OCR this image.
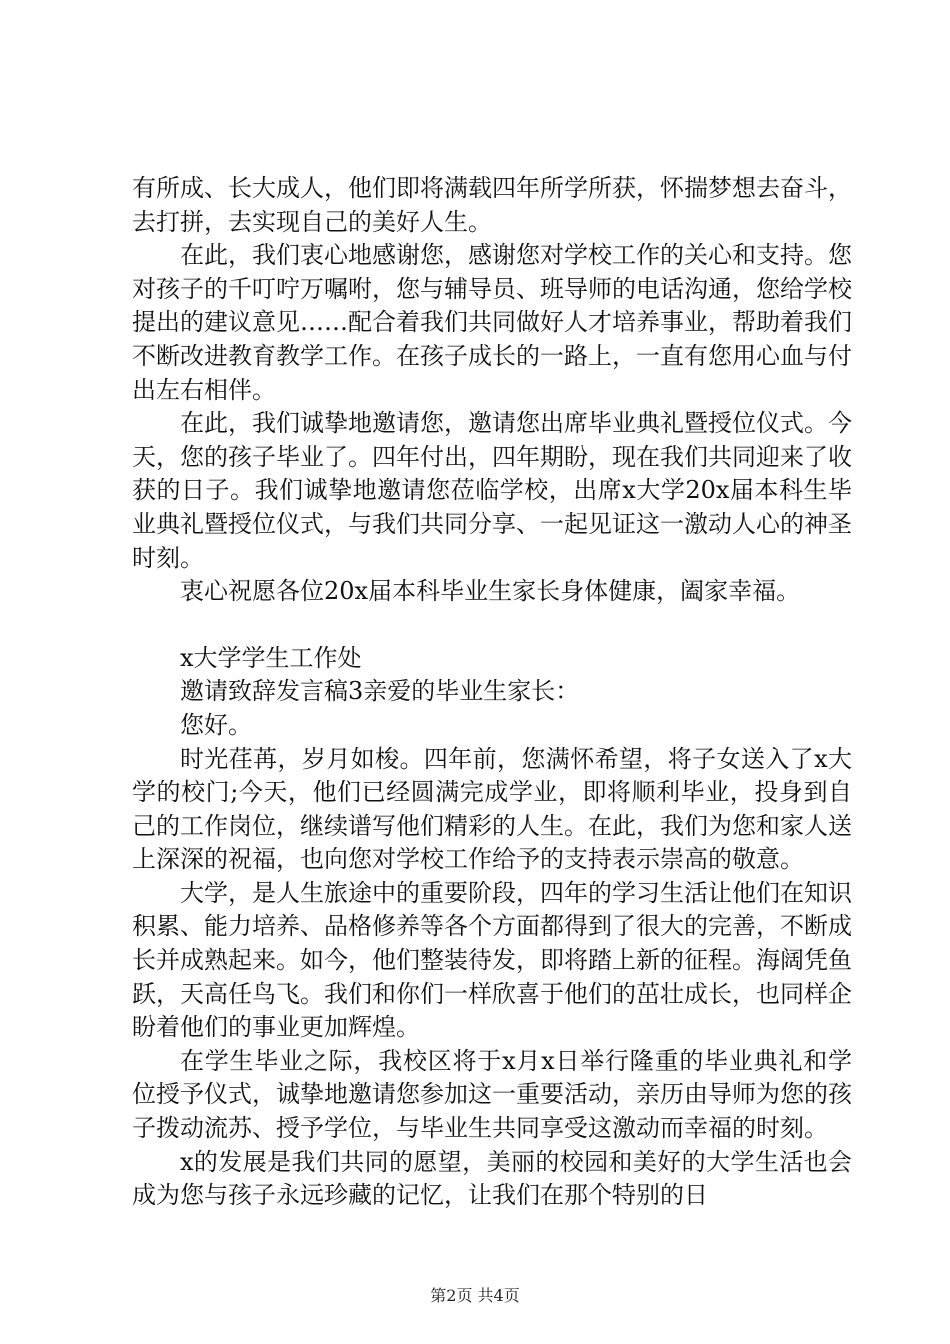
有所成、长大成人，他们即将满载四年所学所获，怀揣梦想去奋斗，去打拼，去实现自己的美好人生。

在此，我们衷心地感谢您，感谢您对学校工作的关心和支持。您对孩子的千叮咛万嘱咐，您与辅导员、班导师的电话沟通，您给学校提出的建议意见……配合着我们共同做好人才培养事业，帮助着我们不断改进教育教学工作。在孩子成长的一路上，一直有您用心血与付出左右相伴。

在此，我们诚挚地邀请您，邀请您出席毕业典礼暨授位仪式。今天，您的孩子毕业了。四年付出，四年期盼，现在我们共同迎来了收获的日子。我们诚挚地邀请您莅临学校，出席x大学20x届本科生毕业典礼暨授位仪式，与我们共同分享、一起见证这一激动人心的神圣时刻。

衷心祝愿各位20x届本科毕业生家长身体健康，阖家幸福。

x大学学生工作处

邀请致辞发言稿3亲爱的毕业生家长：

您好。

时光荏苒，岁月如梭。四年前，您满怀希望，将子女送入了x大学的校门;今天，他们已经圆满完成学业，即将顺利毕业，投身到自己的工作岗位，继续谱写他们精彩的人生。在此，我们为您和家人送上深深的祝福，也向您对学校工作给予的支持表示崇高的敬意。

大学，是人生旅途中的重要阶段，四年的学习生活让他们在知识积累、能力培养、品格修养等各个方面都得到了很大的完善，不断成长并成熟起来。如今，他们整装待发，即将踏上新的征程。海阔凭鱼跃，天高任鸟飞。我们和你们一样欣喜于他们的茁壮成长，也同样企盼着他们的事业更加辉煌。

在学生毕业之际，我校区将于x月x日举行隆重的毕业典礼和学位授予仪式，诚挚地邀请您参加这一重要活动，亲历由导师为您的孩子拨动流苏、授予学位，与毕业生共同享受这激动而幸福的时刻。

x的发展是我们共同的愿望，美丽的校园和美好的大学生活也会成为您与孩子永远珍藏的记忆，让我们在那个特别的日

第2页 共4页
